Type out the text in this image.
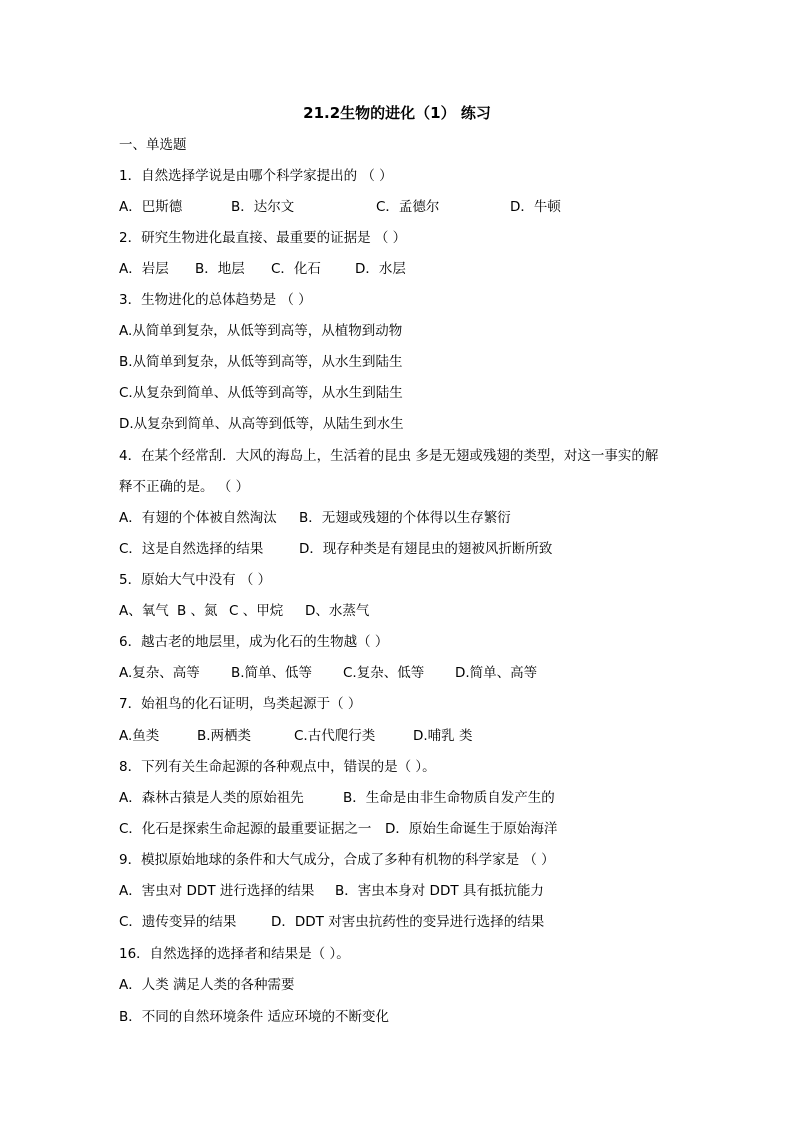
21.2生物的进化（1） 练习
一、单选题
1．自然选择学说是由哪个科学家提出的 （ ）
A．巴斯德	B．达尔文	C．孟德尔	D．牛顿
2．研究生物进化最直接、最重要的证据是 （ ）
A．岩层 B．地层 C．化石	D．水层
3．生物进化的总体趋势是 （ ）
A.从简单到复杂，从低等到高等，从植物到动物
B.从简单到复杂，从低等到高等，从水生到陆生
C.从复杂到简单、从低等到高等，从水生到陆生
D.从复杂到简单、从高等到低等，从陆生到水生
4．在某个经常刮．大风的海岛上，生活着的昆虫 多是无翅或残翅的类型，对这一事实的解
释不正确的是。 （ ）
A．有翅的个体被自然淘汰 B．无翅或残翅的个体得以生存繁衍
C．这是自然选择的结果	D．现存种类是有翅昆虫的翅被风折断所致
5．原始大气中没有 （ ）
A、氧气 B 、氮 C 、甲烷 D、水蒸气
6．越古老的地层里，成为化石的生物越（ ）
A.复杂、高等 B.简单、低等 C.复杂、低等 D.简单、高等
7．始祖鸟的化石证明，鸟类起源于（ ）
A.鱼类	B.两栖类	C.古代爬行类	D.哺乳 类
8．下列有关生命起源的各种观点中，错误的是（ ）。
A．森林古猿是人类的原始祖先	B．生命是由非生命物质自发产生的
C．化石是探索生命起源的最重要证据之一 D．原始生命诞生于原始海洋
9．模拟原始地球的条件和大气成分，合成了多种有机物的科学家是 （ ）
A．害虫对 DDT 进行选择的结果 B．害虫本身对 DDT 具有抵抗能力
C．遗传变异的结果	D．DDT 对害虫抗药性的变异进行选择的结果
16．自然选择的选择者和结果是（ ）。
A．人类 满足人类的各种需要
B．不同的自然环境条件 适应环境的不断变化
